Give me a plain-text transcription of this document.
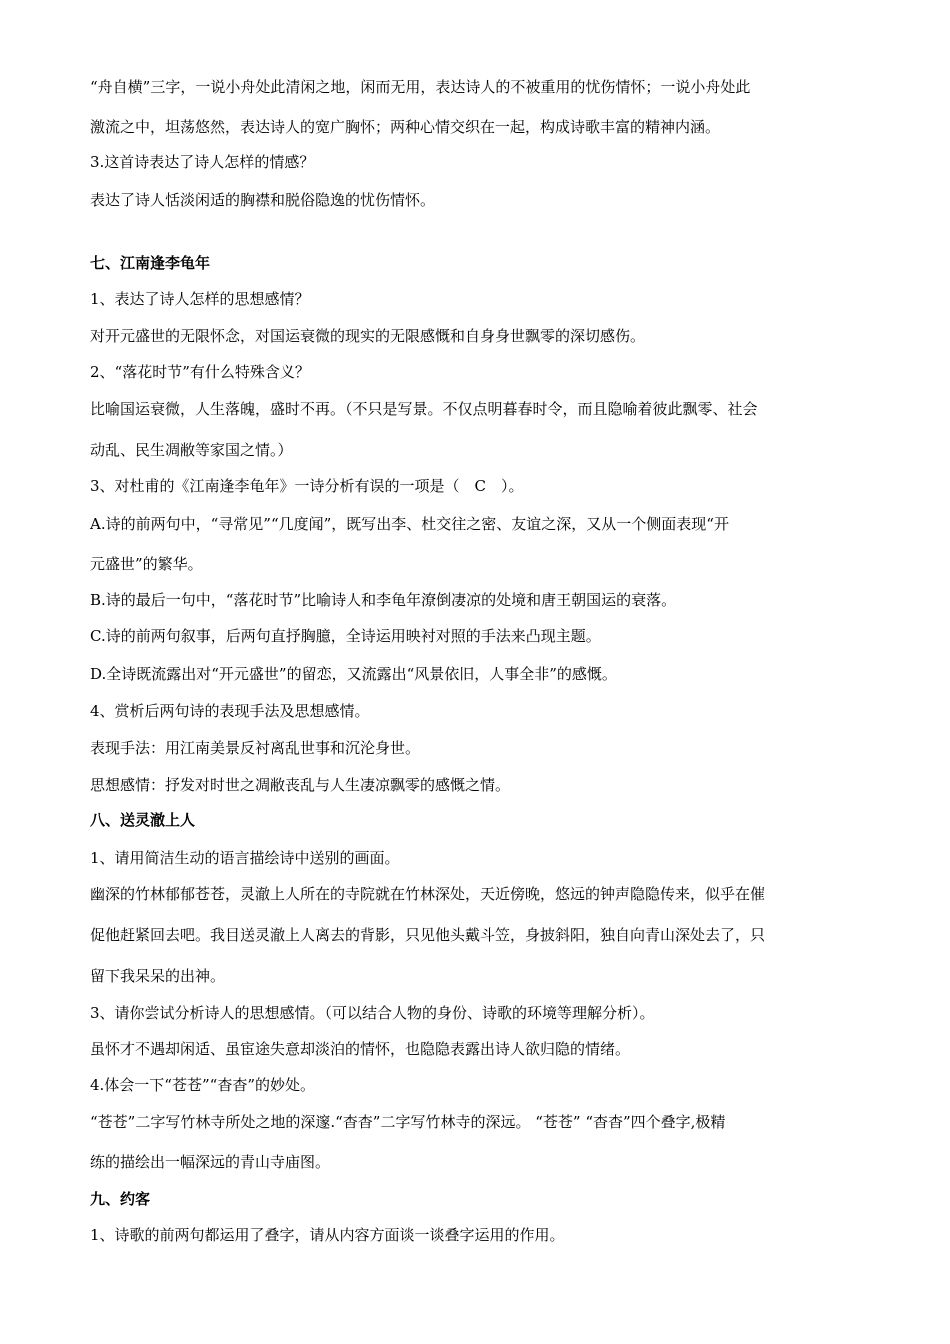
“舟自横”三字，一说小舟处此清闲之地，闲而无用，表达诗人的不被重用的忧伤情怀；一说小舟处此
激流之中，坦荡悠然，表达诗人的宽广胸怀；两种心情交织在一起，构成诗歌丰富的精神内涵。
3.这首诗表达了诗人怎样的情感？
表达了诗人恬淡闲适的胸襟和脱俗隐逸的忧伤情怀。
七、江南逢李龟年
1、表达了诗人怎样的思想感情？
对开元盛世的无限怀念，对国运衰微的现实的无限感慨和自身身世飘零的深切感伤。
2、“落花时节”有什么特殊含义？
比喻国运衰微，人生落魄，盛时不再。（不只是写景。不仅点明暮春时令，而且隐喻着彼此飘零、社会
动乱、民生凋敝等家国之情。）
3、对杜甫的《江南逢李龟年》一诗分析有误的一项是（　C　）。
A.诗的前两句中，“寻常见”“几度闻”，既写出李、杜交往之密、友谊之深，又从一个侧面表现“开
元盛世”的繁华。
B.诗的最后一句中，“落花时节”比喻诗人和李龟年潦倒凄凉的处境和唐王朝国运的衰落。
C.诗的前两句叙事，后两句直抒胸臆，全诗运用映衬对照的手法来凸现主题。
D.全诗既流露出对“开元盛世”的留恋，又流露出“风景依旧，人事全非”的感慨。
4、赏析后两句诗的表现手法及思想感情。
表现手法：用江南美景反衬离乱世事和沉沦身世。
思想感情：抒发对时世之凋敝丧乱与人生凄凉飘零的感慨之情。
八、送灵澈上人
1、请用简洁生动的语言描绘诗中送别的画面。
幽深的竹林郁郁苍苍，灵澈上人所在的寺院就在竹林深处，天近傍晚，悠远的钟声隐隐传来，似乎在催
促他赶紧回去吧。我目送灵澈上人离去的背影，只见他头戴斗笠，身披斜阳，独自向青山深处去了，只
留下我呆呆的出神。
3、请你尝试分析诗人的思想感情。（可以结合人物的身份、诗歌的环境等理解分析）。
虽怀才不遇却闲适、虽宦途失意却淡泊的情怀，也隐隐表露出诗人欲归隐的情绪。
4.体会一下“苍苍”“杳杳”的妙处。
“苍苍”二字写竹林寺所处之地的深邃.“杳杳”二字写竹林寺的深远。 “苍苍” “杳杳”四个叠字,极精
练的描绘出一幅深远的青山寺庙图。
九、约客
1、诗歌的前两句都运用了叠字，请从内容方面谈一谈叠字运用的作用。
